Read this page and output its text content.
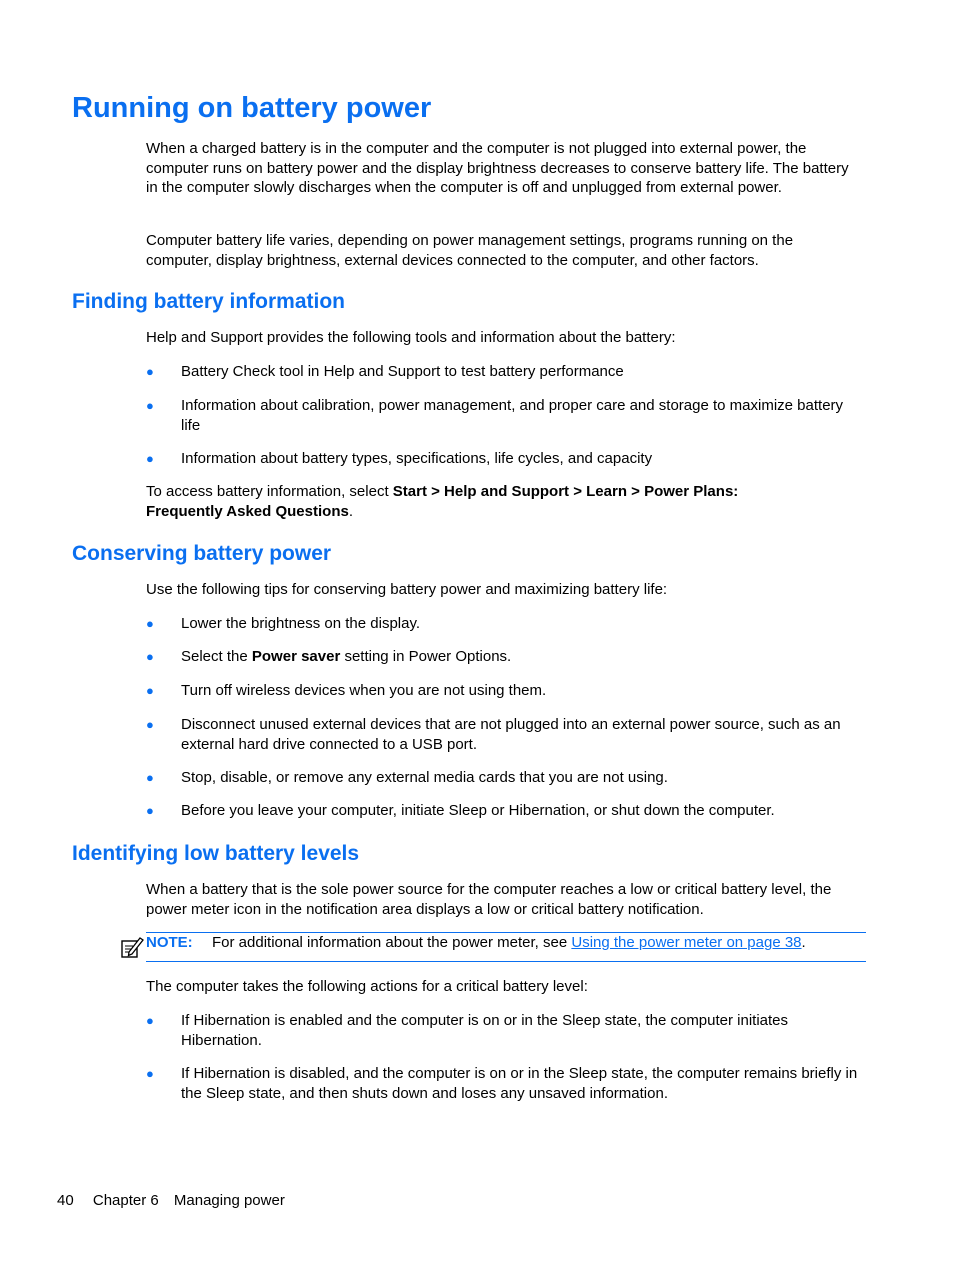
Running on battery power

When a charged battery is in the computer and the computer is not plugged into external power, the computer runs on battery power and the display brightness decreases to conserve battery life. The battery in the computer slowly discharges when the computer is off and unplugged from external power.

Computer battery life varies, depending on power management settings, programs running on the computer, display brightness, external devices connected to the computer, and other factors.

Finding battery information

Help and Support provides the following tools and information about the battery:

● Battery Check tool in Help and Support to test battery performance
● Information about calibration, power management, and proper care and storage to maximize battery life
● Information about battery types, specifications, life cycles, and capacity

To access battery information, select Start > Help and Support > Learn > Power Plans: Frequently Asked Questions.

Conserving battery power

Use the following tips for conserving battery power and maximizing battery life:

● Lower the brightness on the display.
● Select the Power saver setting in Power Options.
● Turn off wireless devices when you are not using them.
● Disconnect unused external devices that are not plugged into an external power source, such as an external hard drive connected to a USB port.
● Stop, disable, or remove any external media cards that you are not using.
● Before you leave your computer, initiate Sleep or Hibernation, or shut down the computer.
Identifying low battery levels

When a battery that is the sole power source for the computer reaches a low or critical battery level, the power meter icon in the notification area displays a low or critical battery notification.

NOTE: For additional information about the power meter, see Using the power meter on page 38.

The computer takes the following actions for a critical battery level:

● If Hibernation is enabled and the computer is on or in the Sleep state, the computer initiates Hibernation.
● If Hibernation is disabled, and the computer is on or in the Sleep state, the computer remains briefly in the Sleep state, and then shuts down and loses any unsaved information.
40 Chapter 6 Managing power
